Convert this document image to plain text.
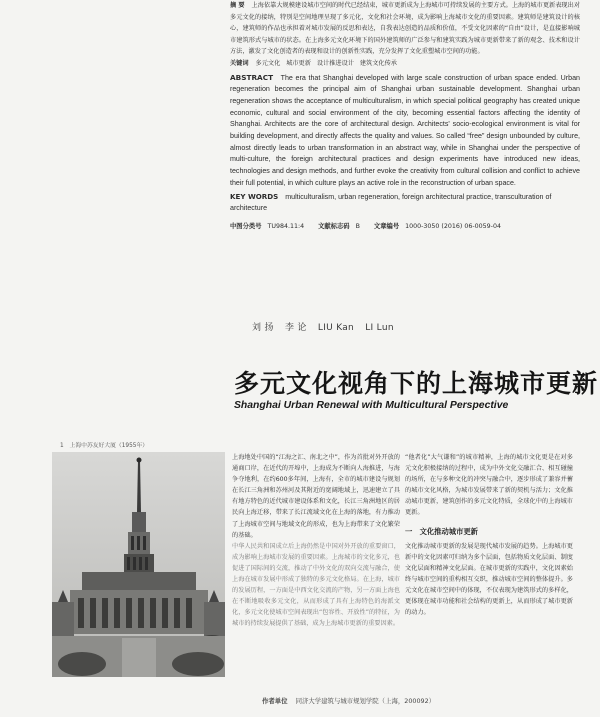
摘 要 上海依靠大规模建设城市空间的时代已经结束，城市更新成为上海城市可持续发展的主要方式。上海的城市更新表现出对多元文化的接纳，特别是空间地理呈现了多元化，文化和社会环境，成为影响上海城市文化的重要因素。建筑师是建筑设计的核心，建筑师的作品也承担着对城市发展的反思和表达，自我表达创造的品质和价值，不受文化因素的“自由”设计，是直接影响城市建筑形式与城市的状态。在上海多元文化环境下的国外建筑师的广泛参与和建筑实践为城市更新带来了新的观念、技术和设计方法，激发了文化创造者的表现和设计的创新性实践，充分发挥了文化重塑城市空间的功能。

关键词 多元文化 城市更新 设计推进设计 建筑文化传承

ABSTRACT The era that Shanghai developed with large scale construction of urban space ended. Urban regeneration becomes the principal aim of Shanghai urban sustainable development. Shanghai urban regeneration shows the acceptance of multiculturalism, in which special political geography has created unique economic, cultural and social environment of the city, becoming essential factors affecting the identity of Shanghai. Architects are the core of architectural design. Architects' socio-ecological environment is vital for building development, and directly affects the quality and values. So called “free” design unbounded by culture, almost directly leads to urban transformation in an abstract way, while in Shanghai under the perspective of multi-culture, the foreign architectural practices and design experiments have introduced new ideas, technologies and design methods, and further evoke the creativity from cultural collision and conflict to achieve their full potential, in which culture plays an active role in the reconstruction of urban space.

KEY WORDS multiculturalism, urban regeneration, foreign architectural practice, transculturation of architecture

中图分类号 TU984.11:4 文献标志码 B 文章编号 1000-3050 (2016) 06-0059-04
刘 扬 李 论 LIU Kan LI Lun
多元文化视角下的上海城市更新
Shanghai Urban Renewal with Multicultural Perspective
1 上海中苏友好大厦（1955年）

上海地处中国的“江海之汇、南北之中”，作为首批对外开放的通商口岸，在近代的开埠中，上海成为不断向人海推进，与海争夺地利，在约600多年间，上海有，全市的城市建设与规划在长江三角洲和苏州河及其附近的宽阔地域上，迅速建立了具有地方特色的近代城市建设体系和文化，长江三角洲地区的居民向上海迁移，带来了长江流域文化在上海的落地，有力推动了上海城市空间与地域文化的形成，也为上海带来了文化繁荣的基础。

中华人民共和国成立后上海仍然是中国对外开放的重要窗口，成为影响上海城市发展的重要因素。上海城市的文化多元，也促进了国际间的交流，推动了中外文化的双向交流与融合，使上海在城市发展中形成了独特的多元文化格局。在上海，城市的发展历程，一方面是中西文化交流的产物，另一方面上海也在不断地吸收多元文化，从而形成了具有上海特色的海派文化，多元文化使城市空间表现出“包容性、开放性”的特征，为城市的持续发展提供了基础，成为上海城市更新的重要因素。

“他者化”大气谦和”的城市精神，上海的城市文化更是在对多元文化积极接纳的过程中，成为中外文化交融汇合、相互碰撞的场所，在与多种文化的冲突与融合中，逐步形成了兼容并蓄的城市文化风格，为城市发展带来了新的契机与活力；文化推动城市更新，建筑创作的多元文化特质，全球化中的上海城市更新。

一　文化推动城市更新

文化推动城市更新的发展是现代城市发展的趋势。上海城市更新中的文化因素可归纳为多个层面，包括物质文化层面、制度文化层面和精神文化层面。在城市更新的实践中，文化因素始终与城市空间的重构相互交织，推动城市空间的整体提升。多元文化在城市空间中的体现，不仅表现为建筑形式的多样化，更体现在城市功能和社会结构的更新上，从而形成了城市更新的动力。

作者单位 同济大学建筑与城市规划学院（上海，200092）
